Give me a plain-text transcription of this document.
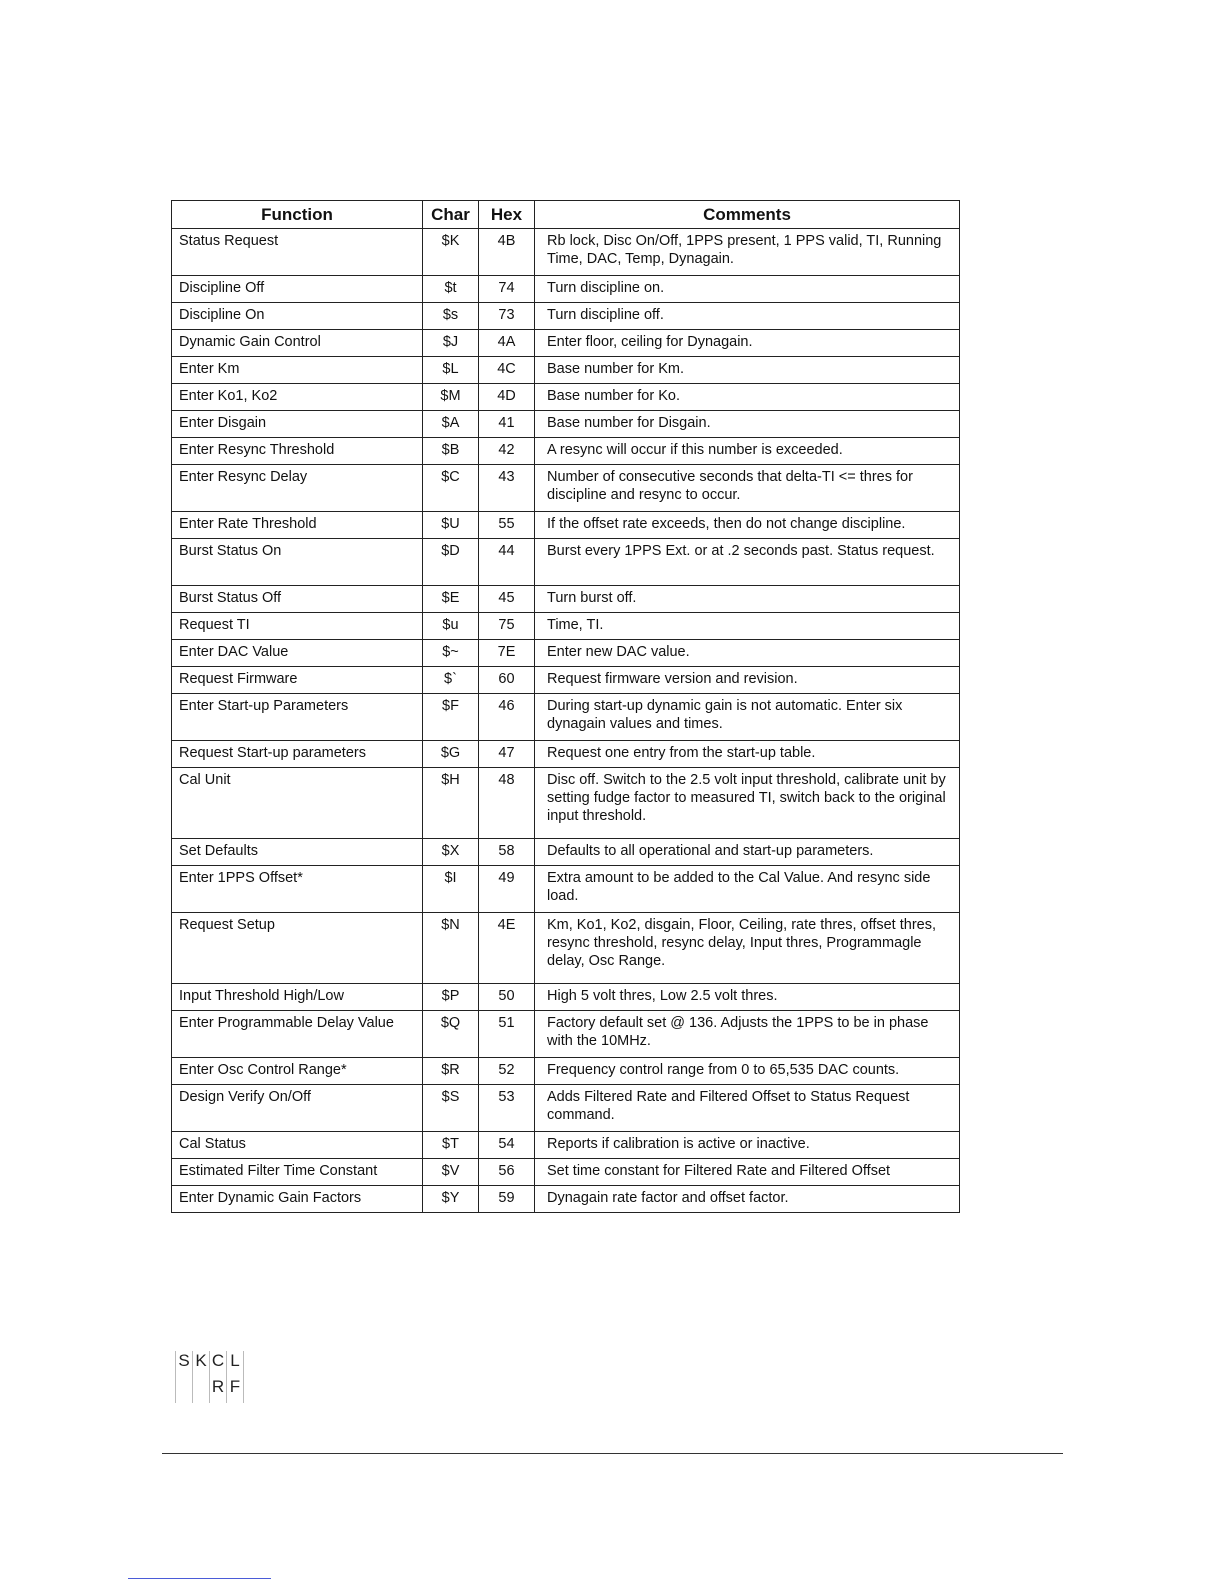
Function	Char	Hex	Comments
Status Request	$K	4B	Rb lock, Disc On/Off, 1PPS present, 1 PPS valid, TI, Running Time, DAC, Temp, Dynagain.
Discipline Off	$t	74	Turn discipline on.
Discipline On	$s	73	Turn discipline off.
Dynamic Gain Control	$J	4A	Enter floor, ceiling for Dynagain.
Enter Km	$L	4C	Base number for Km.
Enter Ko1, Ko2	$M	4D	Base number for Ko.
Enter Disgain	$A	41	Base number for Disgain.
Enter Resync Threshold	$B	42	A resync will occur if this number is exceeded.
Enter Resync Delay	$C	43	Number of consecutive seconds that delta-TI <= thres for discipline and resync to occur.
Enter Rate Threshold	$U	55	If the offset rate exceeds, then do not change discipline.
Burst Status On	$D	44	Burst every 1PPS Ext. or at .2 seconds past. Status request.
Burst Status Off	$E	45	Turn burst off.
Request TI	$u	75	Time, TI.
Enter DAC Value	$~	7E	Enter new DAC value.
Request Firmware	$`	60	Request firmware version and revision.
Enter Start-up Parameters	$F	46	During start-up dynamic gain is not automatic. Enter six dynagain values and times.
Request Start-up parameters	$G	47	Request one entry from the start-up table.
Cal Unit	$H	48	Disc off. Switch to the 2.5 volt input threshold, calibrate unit by setting fudge factor to measured TI, switch back to the original input threshold.
Set Defaults	$X	58	Defaults to all operational and start-up parameters.
Enter 1PPS Offset*	$I	49	Extra amount to be added to the Cal Value. And resync side load.
Request Setup	$N	4E	Km, Ko1, Ko2, disgain, Floor, Ceiling, rate thres, offset thres, resync threshold, resync delay, Input thres, Programmagle delay, Osc Range.
Input Threshold High/Low	$P	50	High 5 volt thres, Low 2.5 volt thres.
Enter Programmable Delay Value	$Q	51	Factory default set @ 136. Adjusts the 1PPS to be in phase with the 10MHz.
Enter Osc Control Range*	$R	52	Frequency control range from 0 to 65,535 DAC counts.
Design Verify On/Off	$S	53	Adds Filtered Rate and Filtered Offset to Status Request command.
Cal Status	$T	54	Reports if calibration is active or inactive.
Estimated Filter Time Constant	$V	56	Set time constant for Filtered Rate and Filtered Offset
Enter Dynamic Gain Factors	$Y	59	Dynagain rate factor and offset factor.
S	K	C	L
		R	F
